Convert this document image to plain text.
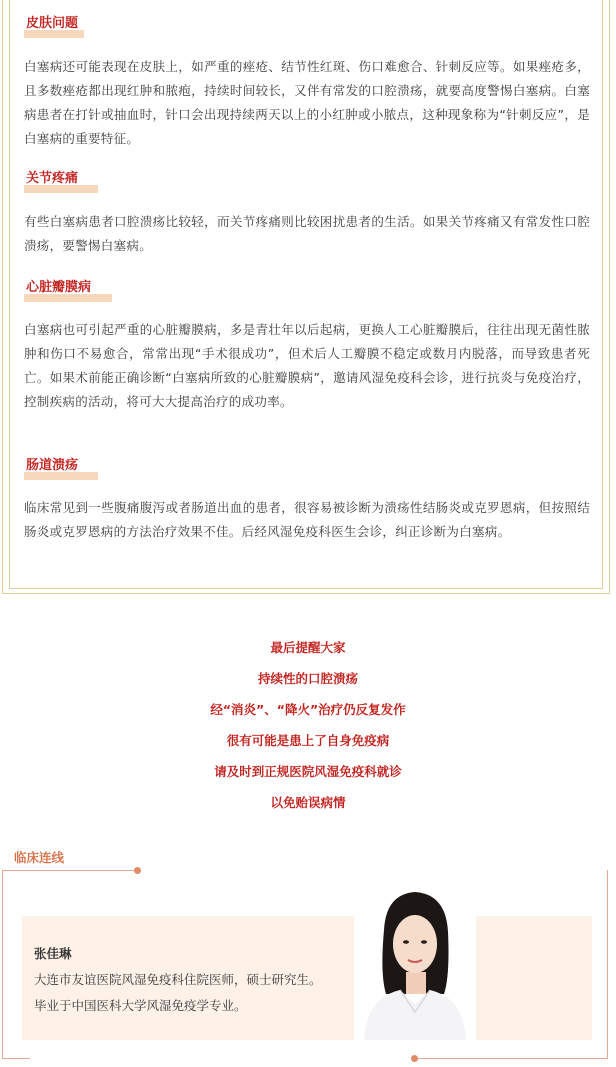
皮肤问题
白塞病还可能表现在皮肤上，如严重的痤疮、结节性红斑、伤口难愈合、针刺反应等。如果痤疮多，且多数痤疮都出现红肿和脓疱，持续时间较长，又伴有常发的口腔溃疡，就要高度警惕白塞病。白塞病患者在打针或抽血时，针口会出现持续两天以上的小红肿或小脓点，这种现象称为“针刺反应”，是白塞病的重要特征。
关节疼痛
有些白塞病患者口腔溃疡比较轻，而关节疼痛则比较困扰患者的生活。如果关节疼痛又有常发性口腔溃疡，要警惕白塞病。
心脏瓣膜病
白塞病也可引起严重的心脏瓣膜病，多是青壮年以后起病，更换人工心脏瓣膜后，往往出现无菌性脓肿和伤口不易愈合，常常出现“手术很成功”，但术后人工瓣膜不稳定或数月内脱落，而导致患者死亡。如果术前能正确诊断“白塞病所致的心脏瓣膜病”，邀请风湿免疫科会诊，进行抗炎与免疫治疗，控制疾病的活动，将可大大提高治疗的成功率。
肠道溃疡
临床常见到一些腹痛腹泻或者肠道出血的患者，很容易被诊断为溃疡性结肠炎或克罗恩病，但按照结肠炎或克罗恩病的方法治疗效果不佳。后经风湿免疫科医生会诊，纠正诊断为白塞病。
最后提醒大家
持续性的口腔溃疡
经“消炎”、“降火”治疗仍反复发作
很有可能是患上了自身免疫病
请及时到正规医院风湿免疫科就诊
以免贻误病情
临床连线
张佳琳
大连市友谊医院风湿免疫科住院医师，硕士研究生。
毕业于中国医科大学风湿免疫学专业。
